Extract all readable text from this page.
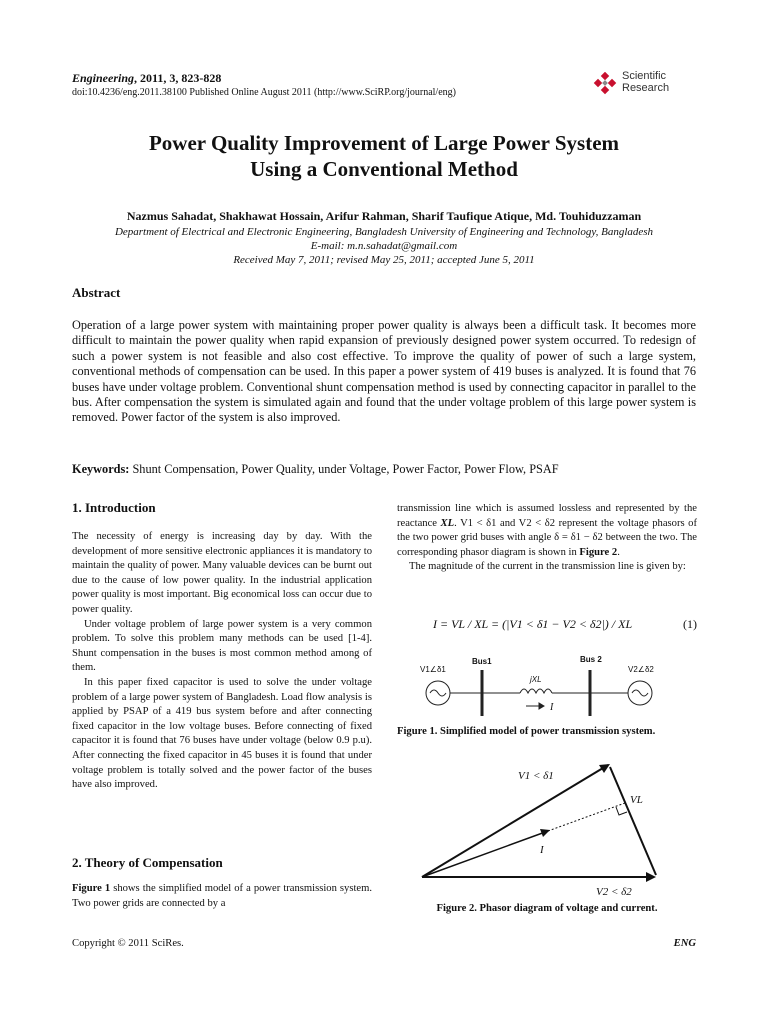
Engineering, 2011, 3, 823-828
doi:10.4236/eng.2011.38100 Published Online August 2011 (http://www.SciRP.org/journal/eng)
Scientific
Research
Power Quality Improvement of Large Power System
Using a Conventional Method
Nazmus Sahadat, Shakhawat Hossain, Arifur Rahman, Sharif Taufique Atique, Md. Touhiduzzaman
Department of Electrical and Electronic Engineering, Bangladesh University of Engineering and Technology, Bangladesh
E-mail: m.n.sahadat@gmail.com
Received May 7, 2011; revised May 25, 2011; accepted June 5, 2011
Abstract
Operation of a large power system with maintaining proper power quality is always been a difficult task. It becomes more difficult to maintain the power quality when rapid expansion of previously designed power system occurred. To redesign of such a power system is not feasible and also cost effective. To improve the quality of power of such a large system, conventional methods of compensation can be used. In this paper a power system of 419 buses is analyzed. It is found that 76 buses have under voltage problem. Conventional shunt compensation method is used by connecting capacitor in parallel to the bus. After compensation the system is simulated again and found that the under voltage problem of this large power system is removed. Power factor of the system is also improved.
Keywords: Shunt Compensation, Power Quality, under Voltage, Power Factor, Power Flow, PSAF
1. Introduction

The necessity of energy is increasing day by day. With the development of more sensitive electronic appliances it is mandatory to maintain the quality of power. Many valuable devices can be burnt out due to the cause of low power quality. In the industrial application power quality is most important. Big economical loss can occur due to power quality.

Under voltage problem of large power system is a very common problem. To solve this problem many methods can be used [1-4]. Shunt compensation in the buses is most common method among of them.

In this paper fixed capacitor is used to solve the under voltage problem of a large power system of Bangladesh. Load flow analysis is applied by PSAP of a 419 bus system before and after connecting fixed capacitor in the low voltage buses. Before connecting of fixed capacitor it is found that 76 buses have under voltage (below 0.9 p.u). After connecting the fixed capacitor in 45 buses it is found that under voltage problem is totally solved and the power factor of the buses have also improved.

2. Theory of Compensation

Figure 1 shows the simplified model of a power transmission system. Two power grids are connected by a

transmission line which is assumed lossless and represented by the reactance XL. V1 < δ1 and V2 < δ2 represent the voltage phasors of the two power grid buses with angle δ = δ1 − δ2 between the two. The corresponding phasor diagram is shown in Figure 2.

The magnitude of the current in the transmission line is given by:

I = VL / XL = (|V1 < δ1 − V2 < δ2|) / XL	(1)
V1∠δ1
Bus1
jXL
Bus 2
V2∠δ2
I
Figure 1. Simplified model of power transmission system.
V1 < δ1
VL
I
V2 < δ2
Figure 2. Phasor diagram of voltage and current.
Copyright © 2011 SciRes.	ENG
